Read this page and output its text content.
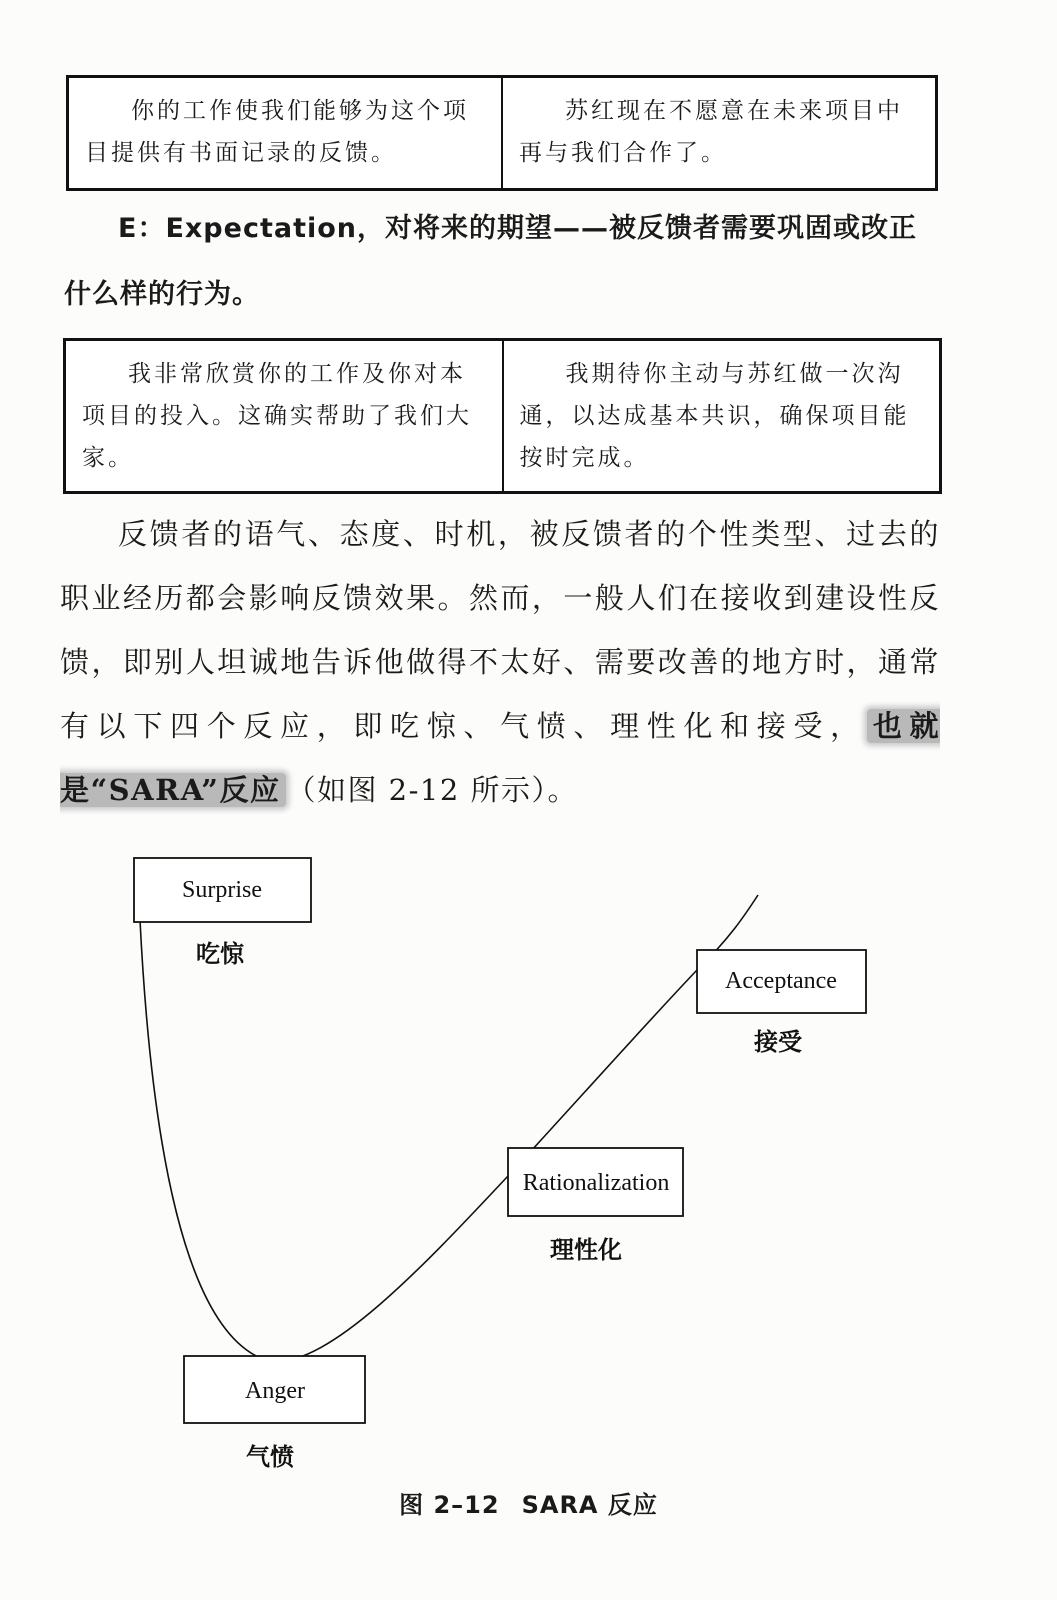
你的工作使我们能够为这个项目提供有书面记录的反馈。
苏红现在不愿意在未来项目中再与我们合作了。
E：Expectation，对将来的期望——被反馈者需要巩固或改正什么样的行为。
我非常欣赏你的工作及你对本项目的投入。这确实帮助了我们大家。
我期待你主动与苏红做一次沟通，以达成基本共识，确保项目能按时完成。
反馈者的语气、态度、时机，被反馈者的个性类型、过去的职业经历都会影响反馈效果。然而，一般人们在接收到建设性反馈，即别人坦诚地告诉他做得不太好、需要改善的地方时，通常有以下四个反应，即吃惊、气愤、理性化和接受， 也就是“SARA”反应 （如图 2-12 所示）。
Surprise
吃惊
Acceptance
接受
Rationalization
理性化
Anger
气愤
图 2–12 SARA 反应
